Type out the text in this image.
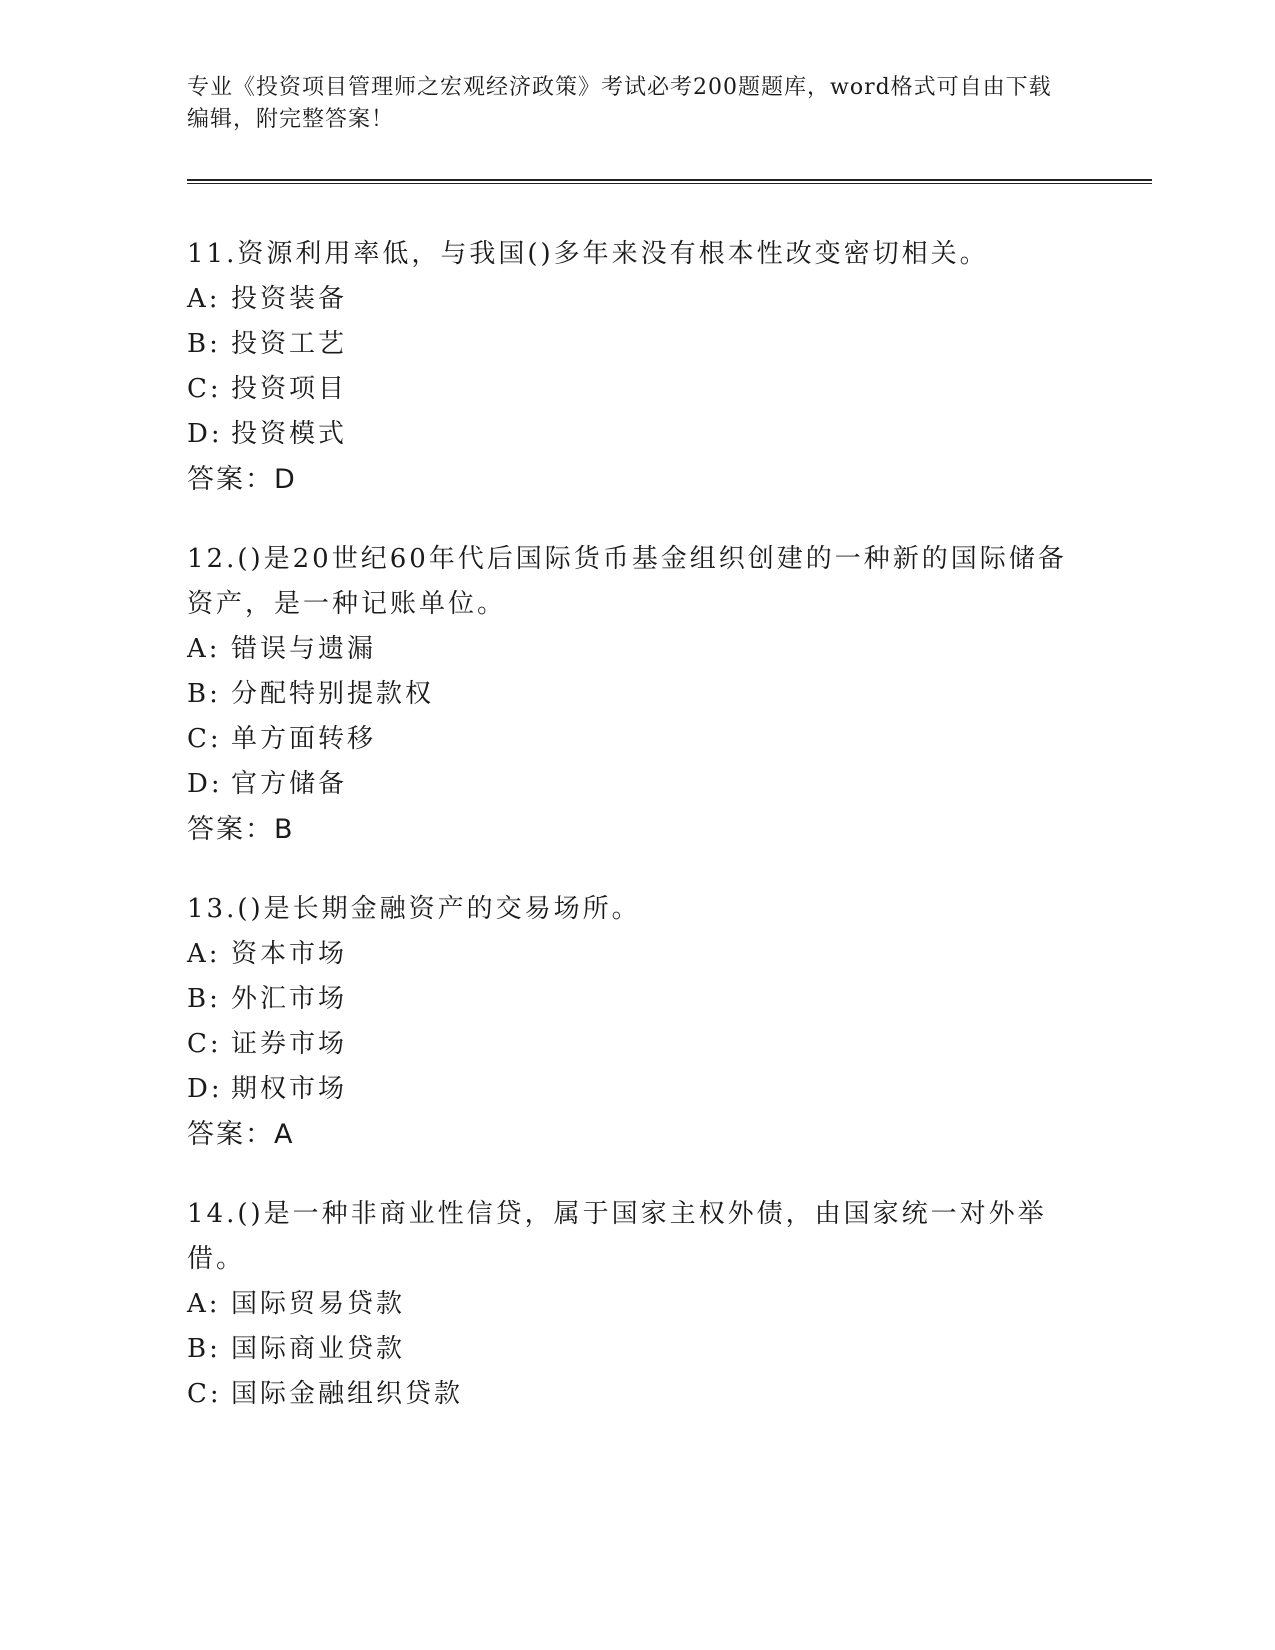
专业《投资项目管理师之宏观经济政策》考试必考200题题库，word格式可自由下载编辑，附完整答案！
11.资源利用率低，与我国()多年来没有根本性改变密切相关。
A: 投资装备
B: 投资工艺
C: 投资项目
D: 投资模式
答案：D
12.()是20世纪60年代后国际货币基金组织创建的一种新的国际储备资产，是一种记账单位。
A: 错误与遗漏
B: 分配特别提款权
C: 单方面转移
D: 官方储备
答案：B
13.()是长期金融资产的交易场所。
A: 资本市场
B: 外汇市场
C: 证券市场
D: 期权市场
答案：A
14.()是一种非商业性信贷，属于国家主权外债，由国家统一对外举借。
A: 国际贸易贷款
B: 国际商业贷款
C: 国际金融组织贷款
